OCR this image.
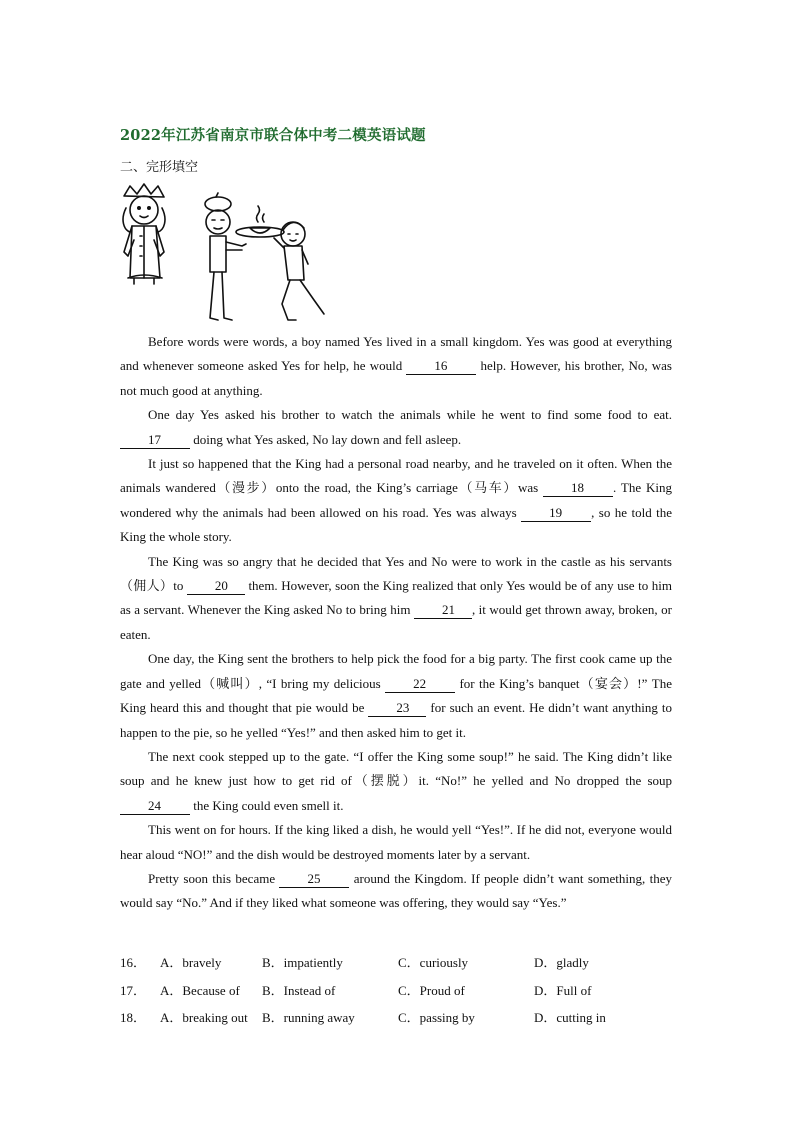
2022年江苏省南京市联合体中考二模英语试题
二、完形填空

Before words were words, a boy named Yes lived in a small kingdom. Yes was good at everything and whenever someone asked Yes for help, he would 16 help. However, his brother, No, was not much good at anything.

One day Yes asked his brother to watch the animals while he went to find some food to eat. 17 doing what Yes asked, No lay down and fell asleep.

It just so happened that the King had a personal road nearby, and he traveled on it often. When the animals wandered（漫步）onto the road, the King’s carriage（马车）was 18 . The King wondered why the animals had been allowed on his road. Yes was always 19 , so he told the King the whole story.

The King was so angry that he decided that Yes and No were to work in the castle as his servants（佣人）to 20 them. However, soon the King realized that only Yes would be of any use to him as a servant. Whenever the King asked No to bring him 21 , it would get thrown away, broken, or eaten.

One day, the King sent the brothers to help pick the food for a big party. The first cook came up the gate and yelled（喊叫）, “I bring my delicious 22 for the King’s banquet（宴会）!” The King heard this and thought that pie would be 23 for such an event. He didn’t want anything to happen to the pie, so he yelled “Yes!” and then asked him to get it.

The next cook stepped up to the gate. “I offer the King some soup!” he said. The King didn’t like soup and he knew just how to get rid of（摆脱）it. “No!” he yelled and No dropped the soup 24 the King could even smell it.

This went on for hours. If the king liked a dish, he would yell “Yes!”. If he did not, everyone would hear aloud “NO!” and the dish would be destroyed moments later by a servant.

Pretty soon this became 25 around the Kingdom. If people didn’t want something, they would say “No.” And if they liked what someone was offering, they would say “Yes.”

16．	A．bravely	B．impatiently	C．curiously	D．gladly
17．	A．Because of	B．Instead of	C．Proud of	D．Full of
18．	A．breaking out	B．running away	C．passing by	D．cutting in
